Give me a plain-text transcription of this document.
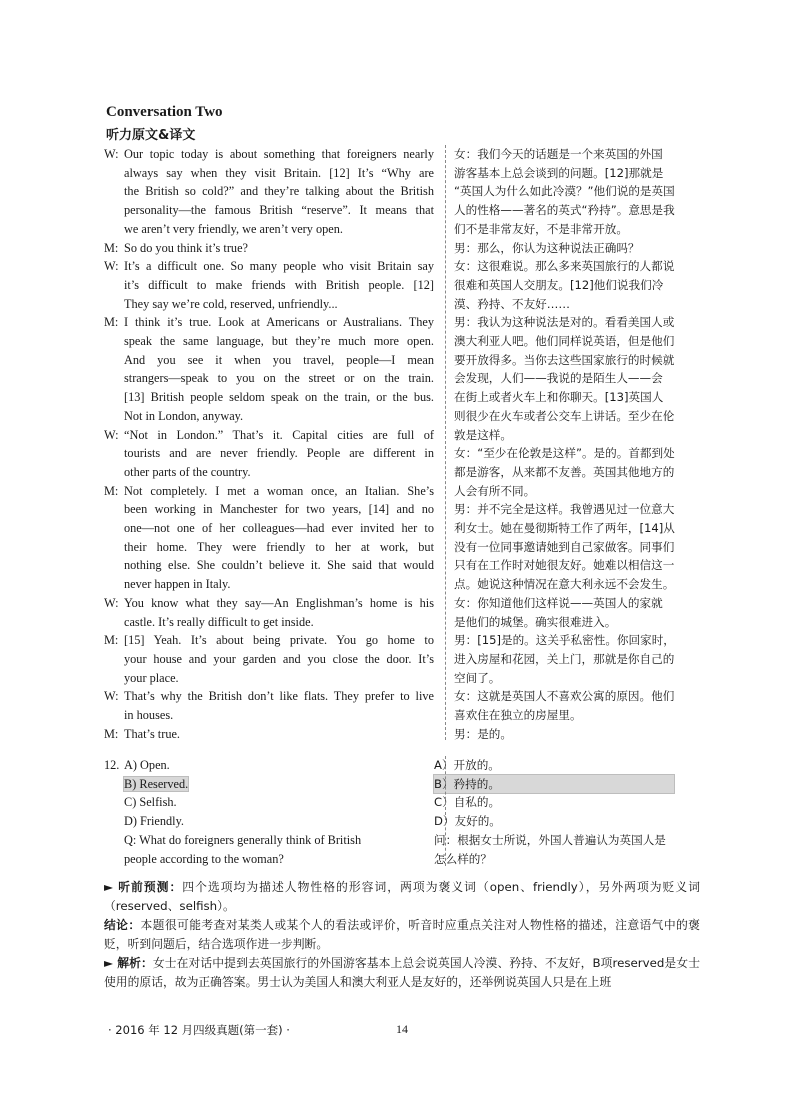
Conversation Two
听力原文&译文
W: Our topic today is about something that foreigners nearly
always say when they visit Britain. [12] It’s “Why are
the British so cold?” and they’re talking about the British
personality—the famous British “reserve”. It means that
we aren’t very friendly, we aren’t very open.
M: So do you think it’s true?
W: It’s a difficult one. So many people who visit Britain say
it’s difficult to make friends with British people. [12]
They say we’re cold, reserved, unfriendly...
M: I think it’s true. Look at Americans or Australians. They
speak the same language, but they’re much more open.
And you see it when you travel, people—I mean
strangers—speak to you on the street or on the train.
[13] British people seldom speak on the train, or the bus.
Not in London, anyway.
W: “Not in London.” That’s it. Capital cities are full of
tourists and are never friendly. People are different in
other parts of the country.
M: Not completely. I met a woman once, an Italian. She’s
been working in Manchester for two years, [14] and no
one—not one of her colleagues—had ever invited her to
their home. They were friendly to her at work, but
nothing else. She couldn’t believe it. She said that would
never happen in Italy.
W: You know what they say—An Englishman’s home is his
castle. It’s really difficult to get inside.
M: [15] Yeah. It’s about being private. You go home to
your house and your garden and you close the door. It’s
your place.
W: That’s why the British don’t like flats. They prefer to live
in houses.
M: That’s true.
女：我们今天的话题是一个来英国的外国
游客基本上总会谈到的问题。[12]那就是
“英国人为什么如此冷漠？”他们说的是英国
人的性格——著名的英式“矜持”。意思是我
们不是非常友好，不是非常开放。
男：那么，你认为这种说法正确吗？
女：这很难说。那么多来英国旅行的人都说
很难和英国人交朋友。[12]他们说我们冷
漠、矜持、不友好……
男：我认为这种说法是对的。看看美国人或
澳大利亚人吧。他们同样说英语，但是他们
要开放得多。当你去这些国家旅行的时候就
会发现，人们——我说的是陌生人——会
在街上或者火车上和你聊天。[13]英国人
则很少在火车或者公交车上讲话。至少在伦
敦是这样。
女：“至少在伦敦是这样”。是的。首都到处
都是游客，从来都不友善。英国其他地方的
人会有所不同。
男：并不完全是这样。我曾遇见过一位意大
利女士。她在曼彻斯特工作了两年，[14]从
没有一位同事邀请她到自己家做客。同事们
只有在工作时对她很友好。她难以相信这一
点。她说这种情况在意大利永远不会发生。
女：你知道他们这样说——英国人的家就
是他们的城堡。确实很难进入。
男：[15]是的。这关乎私密性。你回家时，
进入房屋和花园，关上门，那就是你自己的
空间了。
女：这就是英国人不喜欢公寓的原因。他们
喜欢住在独立的房屋里。
男：是的。
12. A) Open.
B) Reserved.
C) Selfish.
D) Friendly.
Q: What do foreigners generally think of British
people according to the woman?
A）开放的。
B）矜持的。
C）自私的。
D）友好的。
问：根据女士所说，外国人普遍认为英国人是
怎么样的？

► 听前预测：四个选项均为描述人物性格的形容词，两项为褒义词（open、friendly），另外两项为贬义词（reserved、selfish）。

结论：本题很可能考查对某类人或某个人的看法或评价，听音时应重点关注对人物性格的描述，注意语气中的褒贬，听到问题后，结合选项作进一步判断。

► 解析：女士在对话中提到去英国旅行的外国游客基本上总会说英国人冷漠、矜持、不友好，B项reserved是女士使用的原话，故为正确答案。男士认为美国人和澳大利亚人是友好的，还举例说英国人只是在上班

· 2016 年 12 月四级真题(第一套) ·	14
